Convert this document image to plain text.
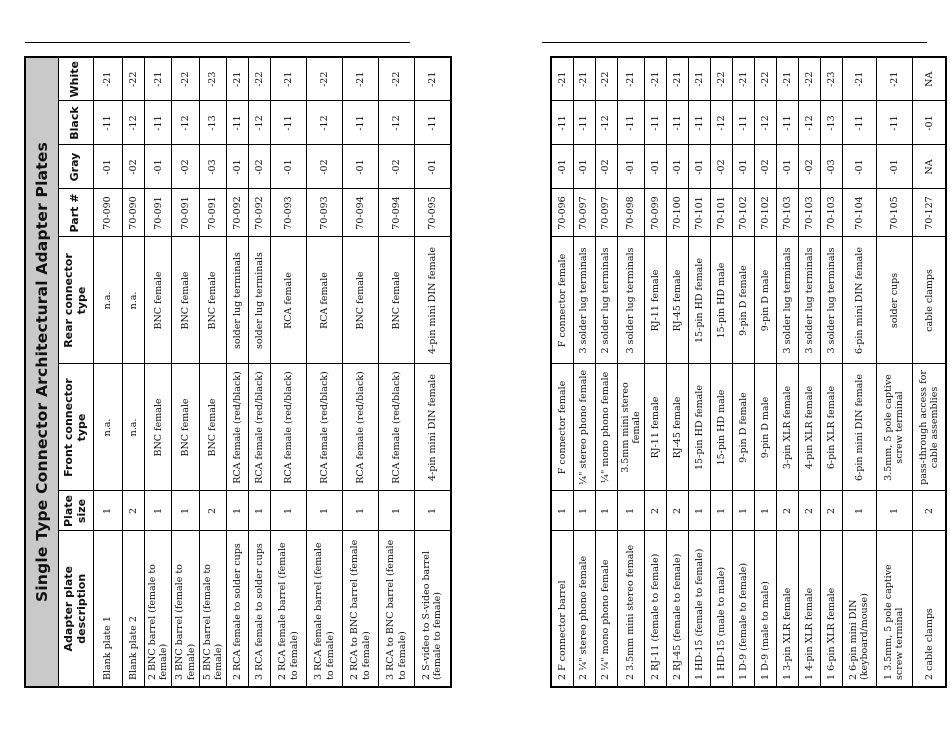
Single Type Connector Architectural Adapter Plates							
Adapter plate description	Plate size	Front connector type	Rear connector type	Part #	Gray	Black	White
Blank plate 1	1	n.a.	n.a.	70-090	-01	-11	-21
Blank plate 2	2	n.a.	n.a.	70-090	-02	-12	-22
2 BNC barrel (female to female)	1	BNC female	BNC female	70-091	-01	-11	-21
3 BNC barrel (female to female)	1	BNC female	BNC female	70-091	-02	-12	-22
5 BNC barrel (female to female)	2	BNC female	BNC female	70-091	-03	-13	-23
2 RCA female to solder cups	1	RCA female (red/black)	solder lug terminals	70-092	-01	-11	-21
3 RCA female to solder cups	1	RCA female (red/black)	solder lug terminals	70-092	-02	-12	-22
2 RCA female barrel (female to female)	1	RCA female (red/black)	RCA female	70-093	-01	-11	-21
3 RCA female barrel (female to female)	1	RCA female (red/black)	RCA female	70-093	-02	-12	-22
2 RCA to BNC barrel (female to female)	1	RCA female (red/black)	BNC female	70-094	-01	-11	-21
3 RCA to BNC barrel (female to female)	1	RCA female (red/black)	BNC female	70-094	-02	-12	-22
2 S-video to S-video barrel (female to female)	1	4-pin mini DIN female	4-pin mini DIN female	70-095	-01	-11	-21
2 F connector barrel	1	F connector female	F connector female	70-096	-01	-11	-21
2 ¼" stereo phono female	1	¼" stereo phono female	3 solder lug terminals	70-097	-01	-11	-21
2 ¼" mono phono female	1	¼" mono phono female	2 solder lug terminals	70-097	-02	-12	-22
2 3.5mm mini stereo female	1	3.5mm mini stereo female	3 solder lug terminals	70-098	-01	-11	-21
2 RJ-11 (female to female)	2	RJ-11 female	RJ-11 female	70-099	-01	-11	-21
2 RJ-45 (female to female)	2	RJ-45 female	RJ-45 female	70-100	-01	-11	-21
1 HD-15 (female to female)	1	15-pin HD female	15-pin HD female	70-101	-01	-11	-21
1 HD-15 (male to male)	1	15-pin HD male	15-pin HD male	70-101	-02	-12	-22
1 D-9 (female to female)	1	9-pin D female	9-pin D female	70-102	-01	-11	-21
1 D-9 (male to male)	1	9-pin D male	9-pin D male	70-102	-02	-12	-22
1 3-pin XLR female	2	3-pin XLR female	3 solder lug terminals	70-103	-01	-11	-21
1 4-pin XLR female	2	4-pin XLR female	3 solder lug terminals	70-103	-02	-12	-22
1 6-pin XLR female	2	6-pin XLR female	3 solder lug terminals	70-103	-03	-13	-23
2 6-pin mini DIN (keyboard/mouse)	1	6-pin mini DIN female	6-pin mini DIN female	70-104	-01	-11	-21
1 3.5mm, 5 pole captive screw terminal	1	3.5mm, 5 pole captive screw terminal	solder cups	70-105	-01	-11	-21
2 cable clamps	2	pass-through access for cable assemblies	cable clamps	70-127	NA	-01	NA
